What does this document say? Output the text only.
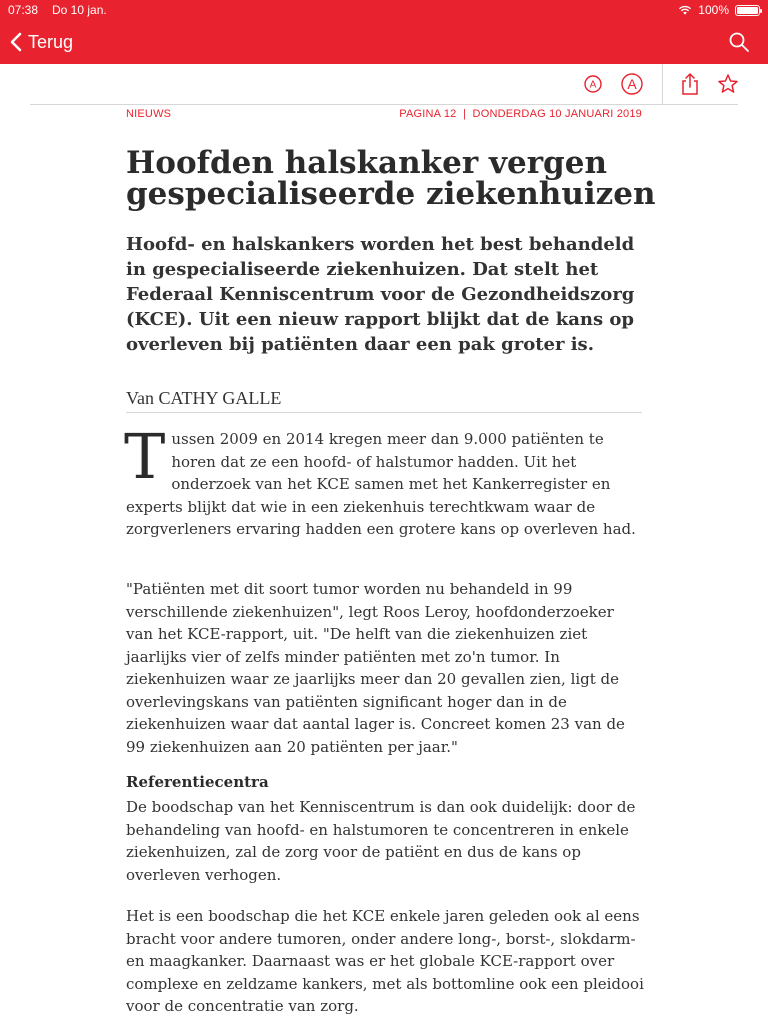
07:38 Do 10 jan.	100%
Terug
A A
NIEUWS	PAGINA 12  |  DONDERDAG 10 JANUARI 2019
Hoofden halskanker vergen gespecialiseerde ziekenhuizen

Hoofd- en halskankers worden het best behandeld in gespecialiseerde ziekenhuizen. Dat stelt het Federaal Kenniscentrum voor de Gezondheidszorg (KCE). Uit een nieuw rapport blijkt dat de kans op overleven bij patiënten daar een pak groter is.

Van CATHY GALLE
T ussen 2009 en 2014 kregen meer dan 9.000 patiënten te horen dat ze een hoofd- of halstumor hadden. Uit het onderzoek van het KCE samen met het Kankerregister en experts blijkt dat wie in een ziekenhuis terechtkwam waar de zorgverleners ervaring hadden een grotere kans op overleven had.
"Patiënten met dit soort tumor worden nu behandeld in 99 verschillende ziekenhuizen", legt Roos Leroy, hoofdonderzoeker van het KCE-rapport, uit. "De helft van die ziekenhuizen ziet jaarlijks vier of zelfs minder patiënten met zo'n tumor. In ziekenhuizen waar ze jaarlijks meer dan 20 gevallen zien, ligt de overlevingskans van patiënten significant hoger dan in de ziekenhuizen waar dat aantal lager is. Concreet komen 23 van de 99 ziekenhuizen aan 20 patiënten per jaar."
Referentiecentra
De boodschap van het Kenniscentrum is dan ook duidelijk: door de behandeling van hoofd- en halstumoren te concentreren in enkele ziekenhuizen, zal de zorg voor de patiënt en dus de kans op overleven verhogen.
Het is een boodschap die het KCE enkele jaren geleden ook al eens bracht voor andere tumoren, onder andere long-, borst-, slokdarm- en maagkanker. Daarnaast was er het globale KCE-rapport over complexe en zeldzame kankers, met als bottomline ook een pleidooi voor de concentratie van zorg.
